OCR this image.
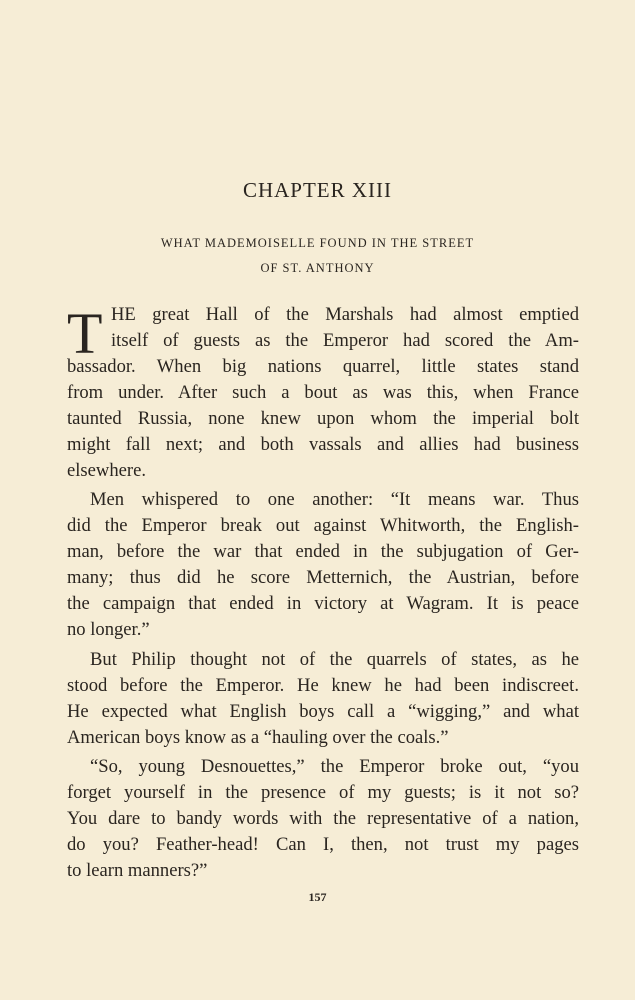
CHAPTER XIII
WHAT MADEMOISELLE FOUND IN THE STREET
OF ST. ANTHONY
T HE great Hall of the Marshals had almost emptied
itself of guests as the Emperor had scored the Am-
bassador. When big nations quarrel, little states stand
from under. After such a bout as was this, when France
taunted Russia, none knew upon whom the imperial bolt
might fall next; and both vassals and allies had business
elsewhere.
Men whispered to one another: “It means war. Thus
did the Emperor break out against Whitworth, the English-
man, before the war that ended in the subjugation of Ger-
many; thus did he score Metternich, the Austrian, before
the campaign that ended in victory at Wagram. It is peace
no longer.”
But Philip thought not of the quarrels of states, as he
stood before the Emperor. He knew he had been indiscreet.
He expected what English boys call a “wigging,” and what
American boys know as a “hauling over the coals.”
“So, young Desnouettes,” the Emperor broke out, “you
forget yourself in the presence of my guests; is it not so?
You dare to bandy words with the representative of a nation,
do you? Feather-head! Can I, then, not trust my pages
to learn manners?”
157
